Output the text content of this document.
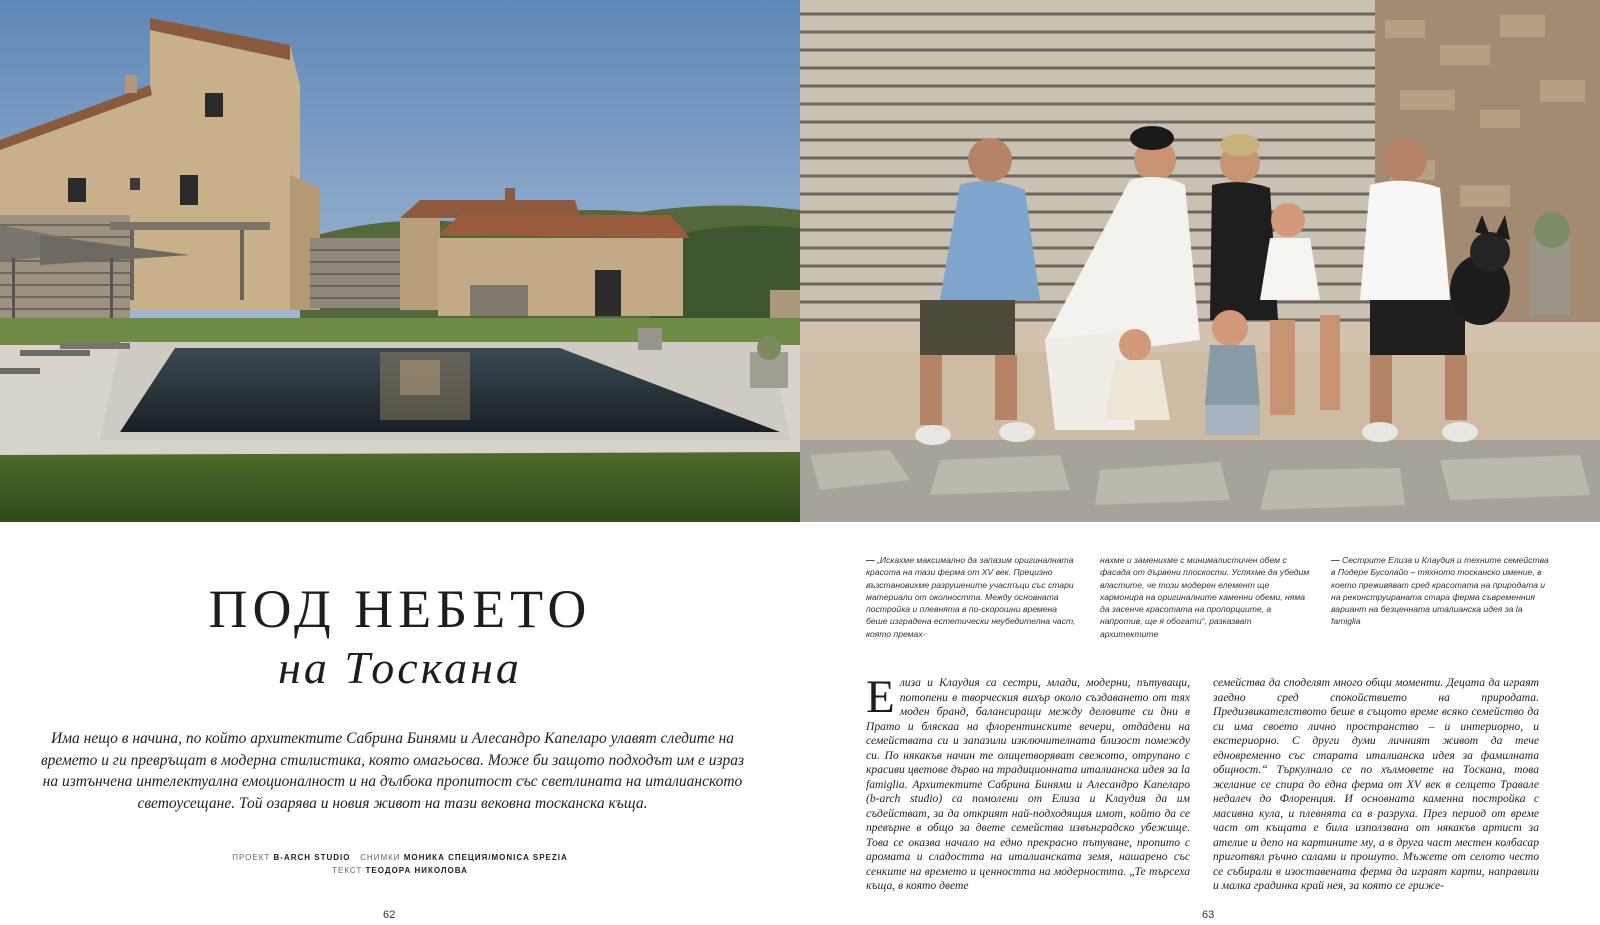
ПОД НЕБЕТО
на Тоскана

Има нещо в начина, по който архитектите Сабрина Бинями и Алесандро Капеларо улавят следите на времето и ги превръщат в модерна стилистика, която омагьосва. Може би защото подходът им е израз на изтънчена интелектуална емоционалност и на дълбока пропитост със светлината на италианското светоусещане. Той озарява и новия живот на тази вековна тосканска къща.

ПРОЕКТ B-ARCH STUDIO СНИМКИ МОНИКА СПЕЦИЯ/MONICA SPEZIA
ТЕКСТ ТЕОДОРА НИКОЛОВА
62	63

— „Искахме максимално да запазим оригиналната красота на тази ферма от XV век. Прецизно възстановихме разрушените участъци със стари материали от околността. Между основната постройка и плевнята в по-скорошни времена беше изградена естетически неубедителна част, която премах-

нахме и заменихме с минималистичен обем с фасада от дървени плоскости. Успяхме да убедим властите, че този модерен елемент ще хармонира на оригиналните каменни обеми, няма да засенче красотата на пропорциите, а напротив, ще я обогати“, разказват архитектите

— Сестрите Елиза и Клаудия и техните семейства в Подере Бусолайо – тяхното тосканско имение, в което преживяват сред красотата на природата и на реконструираната стара ферма съвременния вариант на безценната италианска идея за la famiglia

Елиза и Клаудия са сестри, млади, модерни, пътуващи, потопени в творческия вихър около създаването от тях моден бранд, балансиращи между деловите си дни в Прато и бляскаа на флорентинските вечери, отдадени на семействата си и запазили изключителната близост помежду си. По някакъв начин те олицетворяват свежото, отрупано с красиви цветове дърво на традиционната италианска идея за la famiglia. Архитектите Сабрина Бинями и Алесандро Капеларо (b-arch studio) са помолени от Елиза и Клаудия да им съдействат, за да открият най-подходящия имот, който да се превърне в общо за двете семейства извънградско убежище. Това се оказва начало на едно прекрасно пътуване, пропито с аромата и сладостта на италианската земя, нашарено със сенките на времето и ценността на модерността. „Те търсеха къща, в която двете

семейства да споделят много общи моменти. Децата да играят заедно сред спокойствието на природата. Предизвикателството беше в същото време всяко семейство да си има своето лично пространство – и интериорно, и екстериорно. С други думи личният живот да тече едновременно със старата италианска идея за фамилната общност.“ Търкулнало се по хълмовете на Тоскана, това желание се спира до една ферма от XV век в селцето Травале недалеч до Флоренция. И основната каменна постройка с масивна кула, и плевнята са в разруха. През период от време част от къщата е била използвана от някакъв артист за ателие и депо на картините му, а в друга част местен колбасар приготвял ръчно салами и прошуто. Мъжете от селото често се събирали в изоставената ферма да играят карти, направили и малка градинка край нея, за която се гриже-
